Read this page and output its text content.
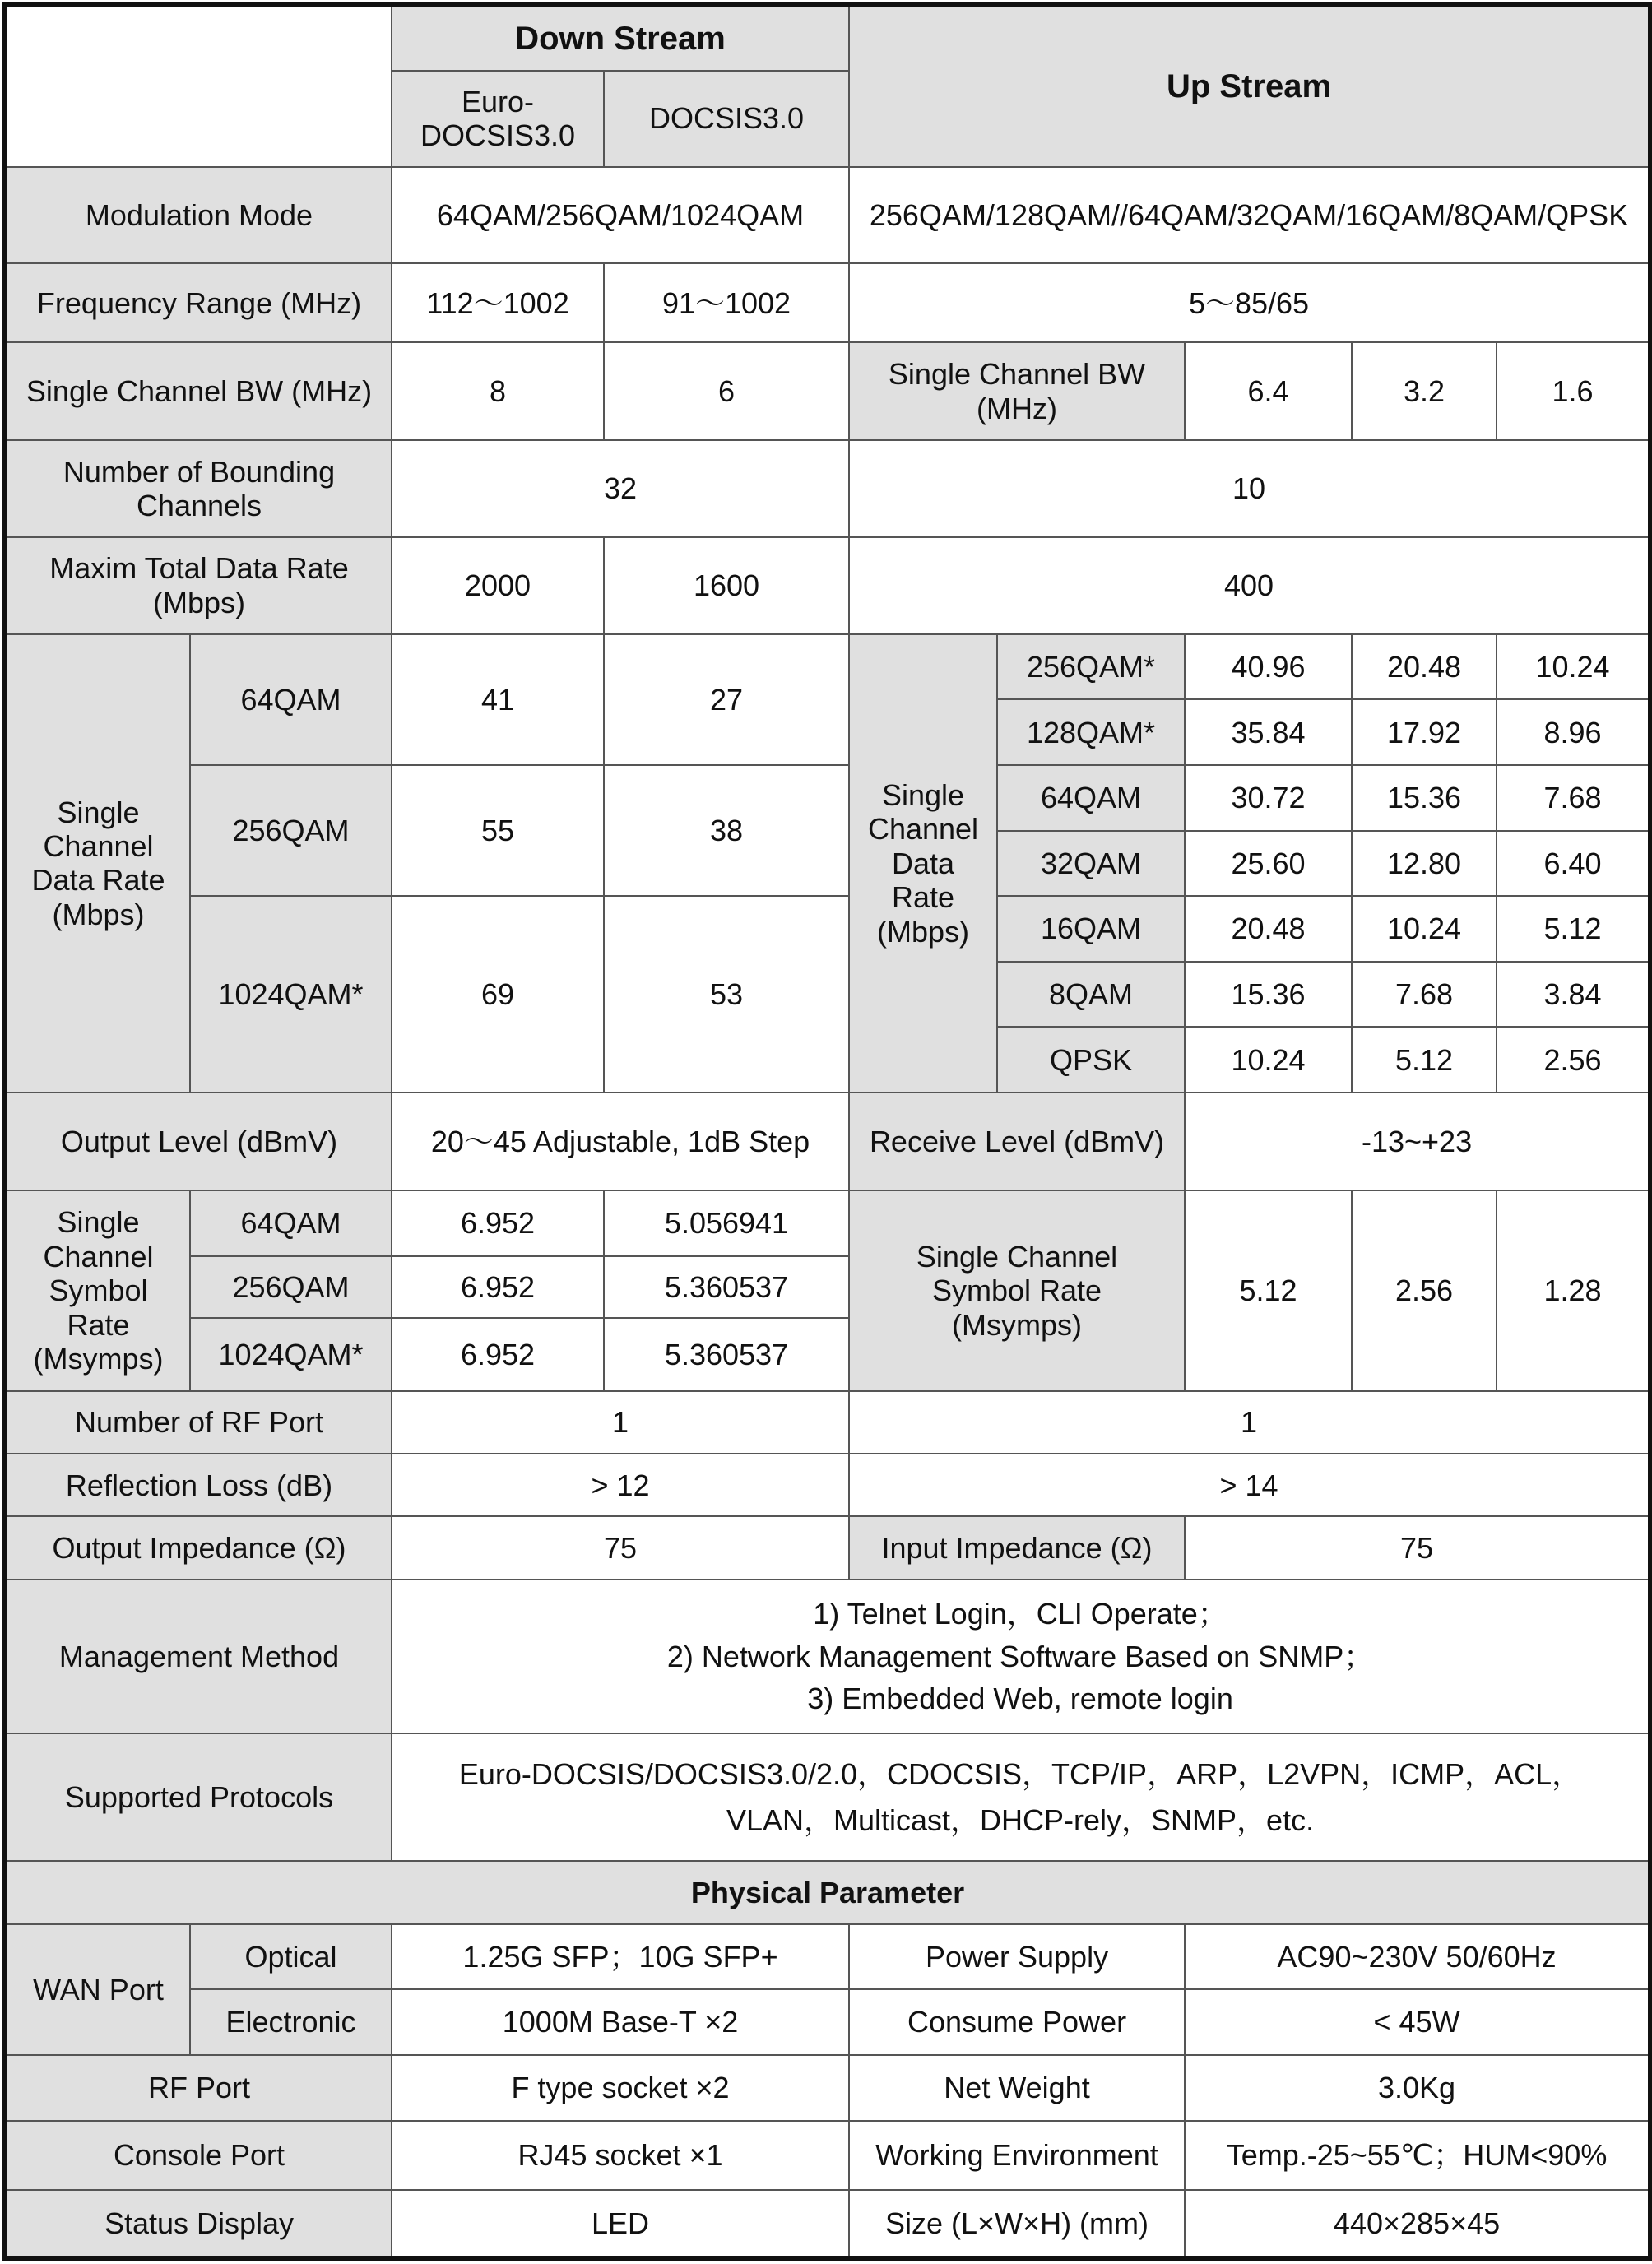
		Down Stream		Up Stream				
		Euro-DOCSIS3.0	DOCSIS3.0					
Modulation Mode		64QAM/256QAM/1024QAM		256QAM/128QAM//64QAM/32QAM/16QAM/8QAM/QPSK				
Frequency Range (MHz)		112～1002	91～1002	5～85/65				
Single Channel BW (MHz)		8	6	Single Channel BW (MHz)		6.4	3.2	1.6
Number of Bounding Channels		32		10				
Maxim Total Data Rate (Mbps)		2000	1600	400				
Single Channel Data Rate (Mbps)	64QAM	41	27	Single Channel Data Rate (Mbps)	256QAM*	40.96	20.48	10.24
					128QAM*	35.84	17.92	8.96
	256QAM	55	38		64QAM	30.72	15.36	7.68
					32QAM	25.60	12.80	6.40
	1024QAM*	69	53		16QAM	20.48	10.24	5.12
					8QAM	15.36	7.68	3.84
					QPSK	10.24	5.12	2.56
Output Level (dBmV)		20～45 Adjustable, 1dB Step		Receive Level (dBmV)		-13~+23		
Single Channel Symbol Rate (Msymps)	64QAM	6.952	5.056941	Single Channel Symbol Rate (Msymps)		5.12	2.56	1.28
	256QAM	6.952	5.360537					
	1024QAM*	6.952	5.360537					
Number of RF Port		1		1				
Reflection Loss (dB)		> 12		> 14				
Output Impedance (Ω)		75		Input Impedance (Ω)		75		
Management Method		1) Telnet Login，CLI Operate；
2) Network Management Software Based on SNMP；
3) Embedded Web, remote login						

Supported Protocols		Euro-DOCSIS/DOCSIS3.0/2.0，CDOCSIS，TCP/IP，ARP，L2VPN，ICMP，ACL，VLAN，Multicast，DHCP-rely，SNMP，etc.						
Physical Parameter								
WAN Port	Optical	1.25G SFP；10G SFP+		Power Supply		AC90~230V 50/60Hz		
	Electronic	1000M Base-T ×2		Consume Power		< 45W		
RF Port		F type socket ×2		Net Weight		3.0Kg		
Console Port		RJ45 socket ×1		Working Environment		Temp.-25~55℃；HUM<90%		
Status Display		LED		Size (L×W×H) (mm)		440×285×45		
